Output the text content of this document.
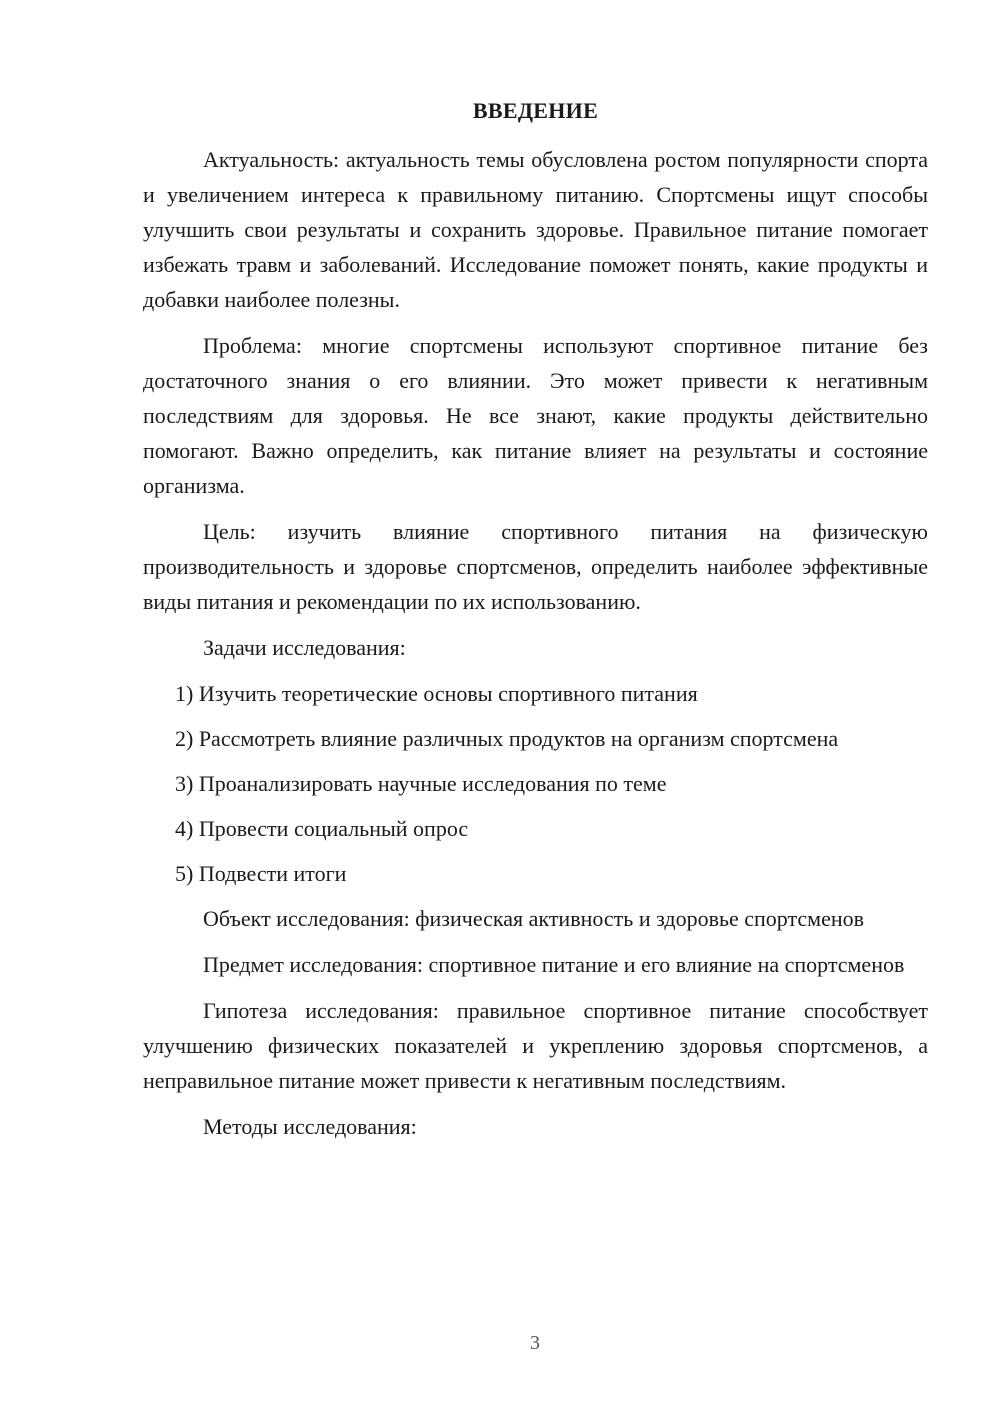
ВВЕДЕНИЕ

Актуальность: актуальность темы обусловлена ростом популярности спорта и увеличением интереса к правильному питанию. Спортсмены ищут способы улучшить свои результаты и сохранить здоровье. Правильное питание помогает избежать травм и заболеваний. Исследование поможет понять, какие продукты и добавки наиболее полезны.

Проблема: многие спортсмены используют спортивное питание без достаточного знания о его влиянии. Это может привести к негативным последствиям для здоровья. Не все знают, какие продукты действительно помогают. Важно определить, как питание влияет на результаты и состояние организма.

Цель: изучить влияние спортивного питания на физическую производительность и здоровье спортсменов, определить наиболее эффективные виды питания и рекомендации по их использованию.

Задачи исследования:

1) Изучить теоретические основы спортивного питания

2) Рассмотреть влияние различных продуктов на организм спортсмена

3) Проанализировать научные исследования по теме

4) Провести социальный опрос

5) Подвести итоги

Объект исследования: физическая активность и здоровье спортсменов

Предмет исследования: спортивное питание и его влияние на спортсменов

Гипотеза исследования: правильное спортивное питание способствует улучшению физических показателей и укреплению здоровья спортсменов, а неправильное питание может привести к негативным последствиям.

Методы исследования:

3
